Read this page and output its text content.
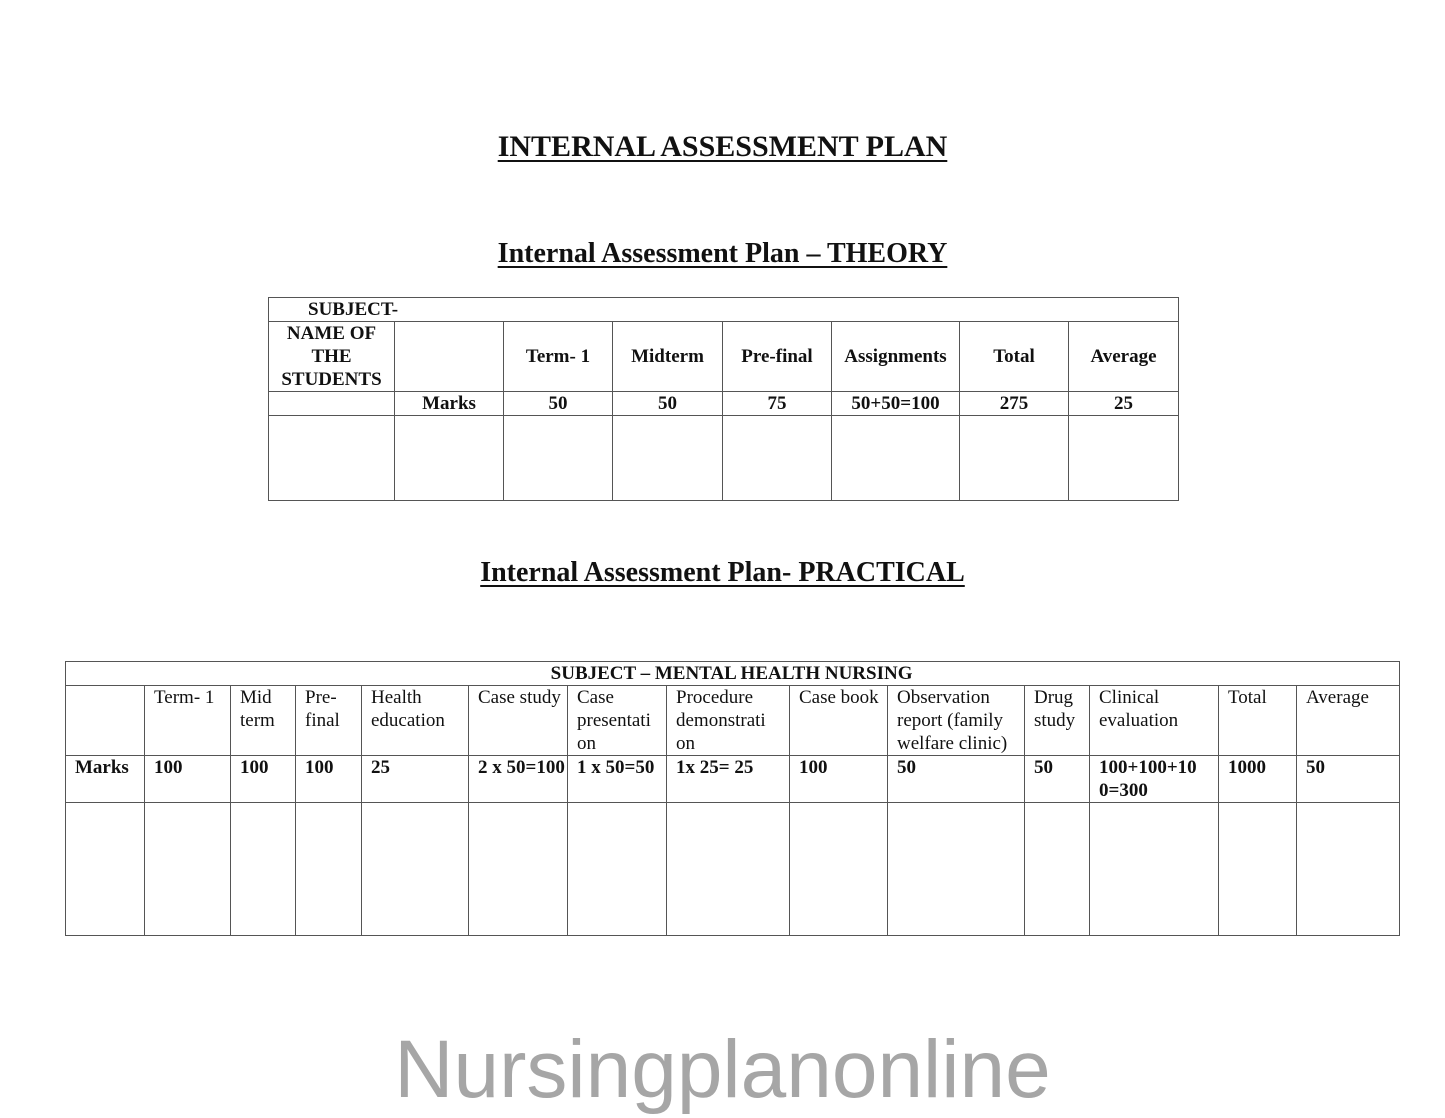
INTERNAL ASSESSMENT PLAN
Internal Assessment Plan – THEORY
SUBJECT-							
NAME OF THE STUDENTS		Term- 1	Midterm	Pre-final	Assignments	Total	Average
	Marks	50	50	75	50+50=100	275	25

Internal Assessment Plan- PRACTICAL
SUBJECT – MENTAL HEALTH NURSING													
	Term- 1	Mid term	Pre- final	Health education	Case study	Case presentati on	Procedure demonstrati on	Case book	Observation report (family welfare clinic)	Drug study	Clinical evaluation	Total	Average
Marks	100	100	100	25	2 x 50=100	1 x 50=50	1x 25= 25	100	50	50	100+100+10 0=300	1000	50

Nursingplanonline
